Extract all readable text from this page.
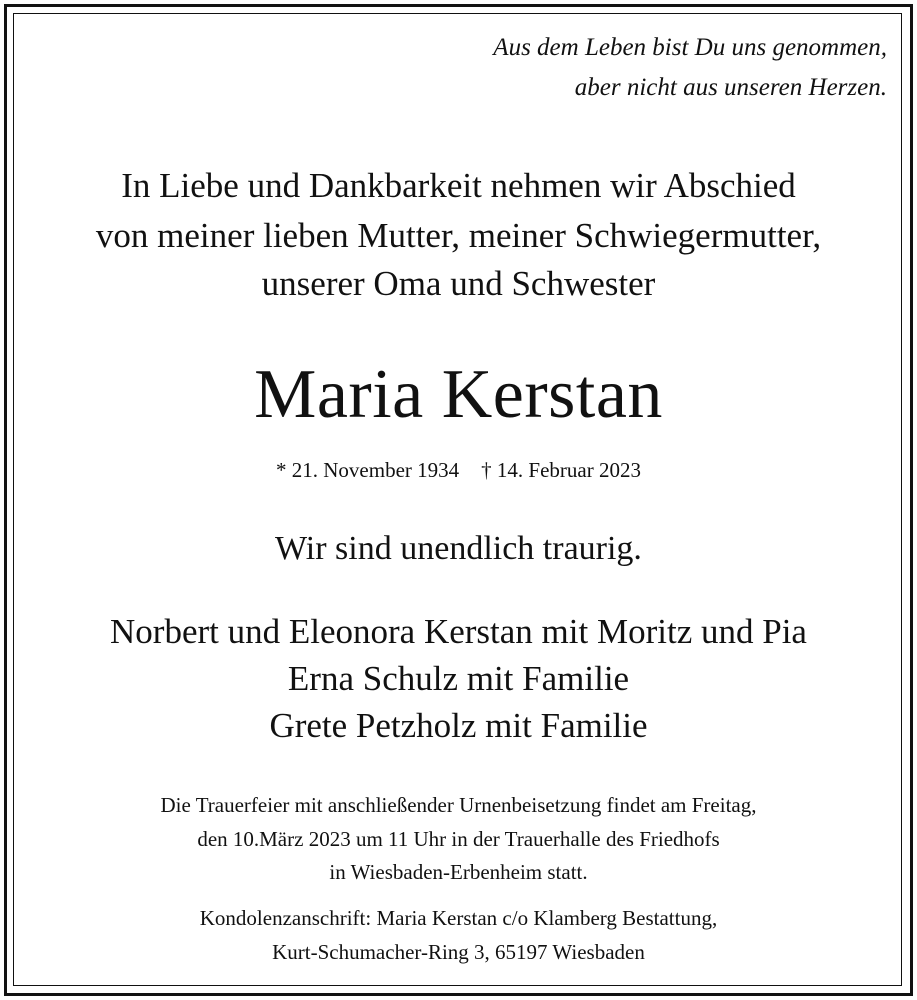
Aus dem Leben bist Du uns genommen,

aber nicht aus unseren Herzen.

In Liebe und Dankbarkeit nehmen wir Abschied

von meiner lieben Mutter, meiner Schwiegermutter,

unserer Oma und Schwester

Maria Kerstan

* 21. November 1934 † 14. Februar 2023

Wir sind unendlich traurig.

Norbert und Eleonora Kerstan mit Moritz und Pia

Erna Schulz mit Familie

Grete Petzholz mit Familie

Die Trauerfeier mit anschließender Urnenbeisetzung findet am Freitag,

den 10.März 2023 um 11 Uhr in der Trauerhalle des Friedhofs

in Wiesbaden-Erbenheim statt.

Kondolenzanschrift: Maria Kerstan c/o Klamberg Bestattung,

Kurt-Schumacher-Ring 3, 65197 Wiesbaden
